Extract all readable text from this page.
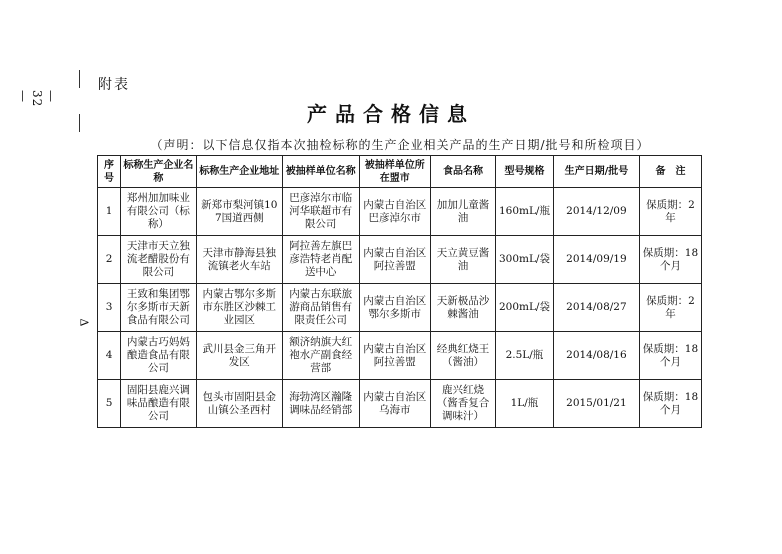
— 32 —
附表
产品合格信息
（声明：以下信息仅指本次抽检标称的生产企业相关产品的生产日期/批号和所检项目）
Δ
序号	标称生产企业名称	标称生产企业地址	被抽样单位名称	被抽样单位所在盟市	食品名称	型号规格	生产日期/批号	备　注
1	郑州加加味业有限公司（标称）	新郑市梨河镇107国道西侧	巴彦淖尔市临河华联超市有限公司	内蒙古自治区巴彦淖尔市	加加儿童酱油	160mL/瓶	2014/12/09	保质期：2年
2	天津市天立独流老醋股份有限公司	天津市静海县独流镇老火车站	阿拉善左旗巴彦浩特老肖配送中心	内蒙古自治区阿拉善盟	天立黄豆酱油	300mL/袋	2014/09/19	保质期：18个月
3	王致和集团鄂尔多斯市天新食品有限公司	内蒙古鄂尔多斯市东胜区沙棘工业园区	内蒙古东联旅游商品销售有限责任公司	内蒙古自治区鄂尔多斯市	天新极品沙棘酱油	200mL/袋	2014/08/27	保质期：2年
4	内蒙古巧妈妈酿造食品有限公司	武川县金三角开发区	额济纳旗大红袍水产副食经营部	内蒙古自治区阿拉善盟	经典红烧王（酱油）	2.5L/瓶	2014/08/16	保质期：18个月
5	固阳县鹿兴调味品酿造有限公司	包头市固阳县金山镇公圣西村	海勃湾区瀚隆调味品经销部	内蒙古自治区乌海市	鹿兴红烧（酱香复合调味汁）	1L/瓶	2015/01/21	保质期：18个月
